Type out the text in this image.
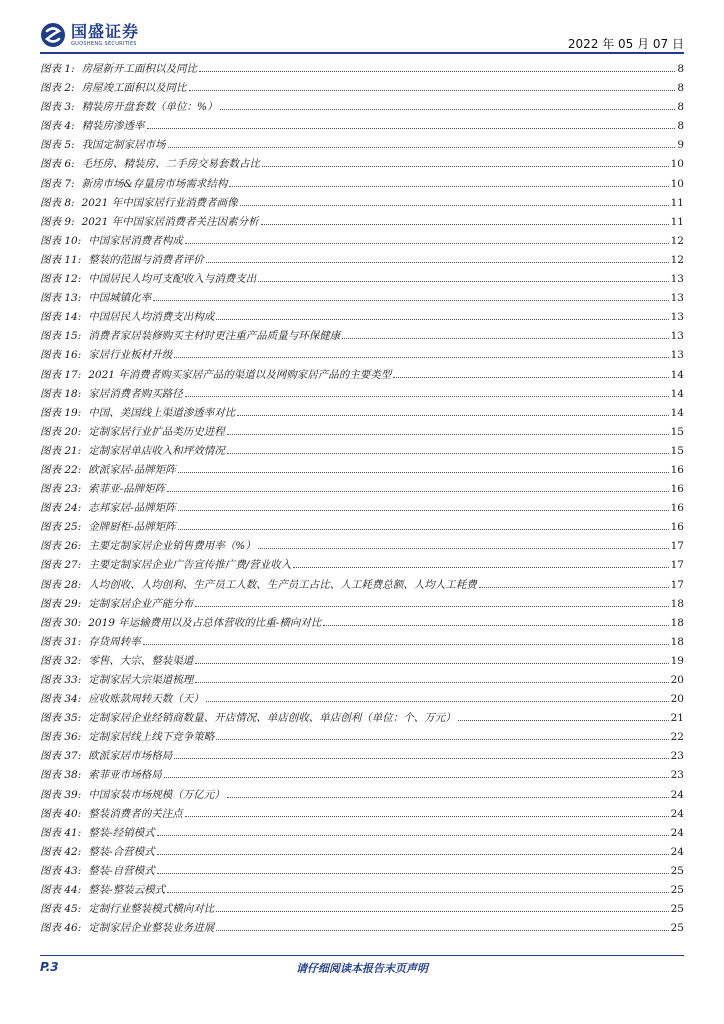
国盛证券
GUOSHENG SECURITIES	2022 年 05 月 07 日
图表 1: 房屋新开工面积以及同比	8
图表 2: 房屋竣工面积以及同比	8
图表 3: 精装房开盘套数（单位：%）	8
图表 4: 精装房渗透率	8
图表 5: 我国定制家居市场	9
图表 6: 毛坯房、精装房、二手房交易套数占比	10
图表 7: 新房市场&存量房市场需求结构	10
图表 8: 2021 年中国家居行业消费者画像	11
图表 9: 2021 年中国家居消费者关注因素分析	11
图表 10: 中国家居消费者构成	12
图表 11: 整装的范围与消费者评价	12
图表 12: 中国居民人均可支配收入与消费支出	13
图表 13: 中国城镇化率	13
图表 14: 中国居民人均消费支出构成	13
图表 15: 消费者家居装修购买主材时更注重产品质量与环保健康	13
图表 16: 家居行业板材升级	13
图表 17: 2021 年消费者购买家居产品的渠道以及网购家居产品的主要类型	14
图表 18: 家居消费者购买路径	14
图表 19: 中国、美国线上渠道渗透率对比	14
图表 20: 定制家居行业扩品类历史进程	15
图表 21: 定制家居单店收入和坪效情况	15
图表 22: 欧派家居-品牌矩阵	16
图表 23: 索菲亚-品牌矩阵	16
图表 24: 志邦家居-品牌矩阵	16
图表 25: 金牌厨柜-品牌矩阵	16
图表 26: 主要定制家居企业销售费用率（%）	17
图表 27: 主要定制家居企业广告宣传推广费/营业收入	17
图表 28: 人均创收、人均创利、生产员工人数、生产员工占比、人工耗费总额、人均人工耗费	17
图表 29: 定制家居企业产能分布	18
图表 30: 2019 年运输费用以及占总体营收的比重-横向对比	18
图表 31: 存货周转率	18
图表 32: 零售、大宗、整装渠道	19
图表 33: 定制家居大宗渠道梳理	20
图表 34: 应收账款周转天数（天）	20
图表 35: 定制家居企业经销商数量、开店情况、单店创收、单店创利（单位：个、万元）	21
图表 36: 定制家居线上线下竞争策略	22
图表 37: 欧派家居市场格局	23
图表 38: 索菲亚市场格局	23
图表 39: 中国家装市场规模（万亿元）	24
图表 40: 整装消费者的关注点	24
图表 41: 整装-经销模式	24
图表 42: 整装-合营模式	24
图表 43: 整装-自营模式	25
图表 44: 整装-整装云模式	25
图表 45: 定制行业整装模式横向对比	25
图表 46: 定制家居企业整装业务进展	25
P.3	请仔细阅读本报告末页声明
